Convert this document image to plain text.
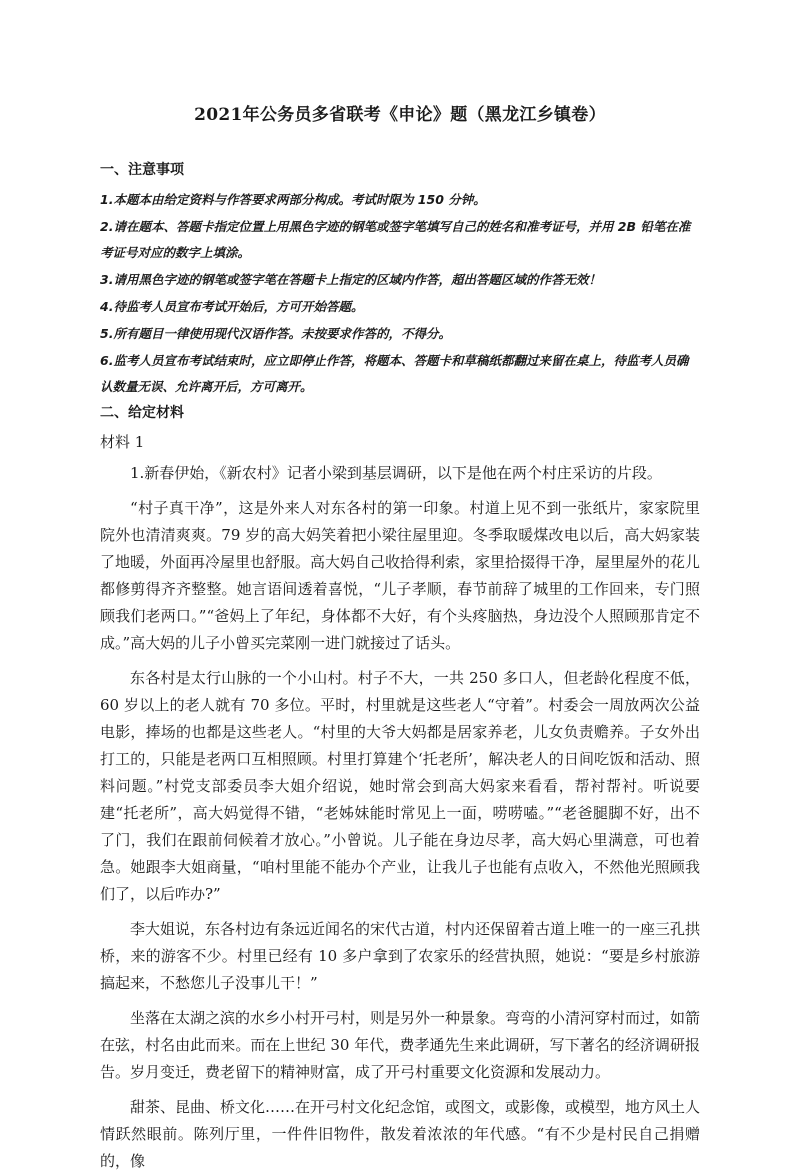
2021年公务员多省联考《申论》题（黑龙江乡镇卷）
一、注意事项
1.本题本由给定资料与作答要求两部分构成。考试时限为 150 分钟。
2.请在题本、答题卡指定位置上用黑色字迹的钢笔或签字笔填写自己的姓名和准考证号，并用 2B 铅笔在准考证号对应的数字上填涂。
3.请用黑色字迹的钢笔或签字笔在答题卡上指定的区域内作答，超出答题区域的作答无效！
4.待监考人员宣布考试开始后，方可开始答题。
5.所有题目一律使用现代汉语作答。未按要求作答的，不得分。
6.监考人员宣布考试结束时，应立即停止作答，将题本、答题卡和草稿纸都翻过来留在桌上，待监考人员确认数量无误、允许离开后，方可离开。
二、给定材料
材料 1

1.新春伊始，《新农村》记者小梁到基层调研，以下是他在两个村庄采访的片段。

“村子真干净”，这是外来人对东各村的第一印象。村道上见不到一张纸片，家家院里院外也清清爽爽。79 岁的高大妈笑着把小梁往屋里迎。冬季取暖煤改电以后，高大妈家装了地暖，外面再冷屋里也舒服。高大妈自己收拾得利索，家里拾掇得干净，屋里屋外的花儿都修剪得齐齐整整。她言语间透着喜悦，“儿子孝顺，春节前辞了城里的工作回来，专门照顾我们老两口。”“爸妈上了年纪，身体都不大好，有个头疼脑热，身边没个人照顾那肯定不成。”高大妈的儿子小曾买完菜刚一进门就接过了话头。

东各村是太行山脉的一个小山村。村子不大，一共 250 多口人，但老龄化程度不低，60 岁以上的老人就有 70 多位。平时，村里就是这些老人“守着”。村委会一周放两次公益电影，捧场的也都是这些老人。“村里的大爷大妈都是居家养老，儿女负责赡养。子女外出打工的，只能是老两口互相照顾。村里打算建个‘托老所’，解决老人的日间吃饭和活动、照料问题。”村党支部委员李大姐介绍说，她时常会到高大妈家来看看，帮衬帮衬。听说要建“托老所”，高大妈觉得不错，“老姊妹能时常见上一面，唠唠嗑。”“老爸腿脚不好，出不了门，我们在跟前伺候着才放心。”小曾说。儿子能在身边尽孝，高大妈心里满意，可也着急。她跟李大姐商量，“咱村里能不能办个产业，让我儿子也能有点收入，不然他光照顾我们了，以后咋办?”

李大姐说，东各村边有条远近闻名的宋代古道，村内还保留着古道上唯一的一座三孔拱桥，来的游客不少。村里已经有 10 多户拿到了农家乐的经营执照，她说：“要是乡村旅游搞起来，不愁您儿子没事儿干！”

坐落在太湖之滨的水乡小村开弓村，则是另外一种景象。弯弯的小清河穿村而过，如箭在弦，村名由此而来。而在上世纪 30 年代，费孝通先生来此调研，写下著名的经济调研报告。岁月变迁，费老留下的精神财富，成了开弓村重要文化资源和发展动力。

甜茶、昆曲、桥文化……在开弓村文化纪念馆，或图文，或影像，或模型，地方风土人情跃然眼前。陈列厅里，一件件旧物件，散发着浓浓的年代感。“有不少是村民自己捐赠的，像
